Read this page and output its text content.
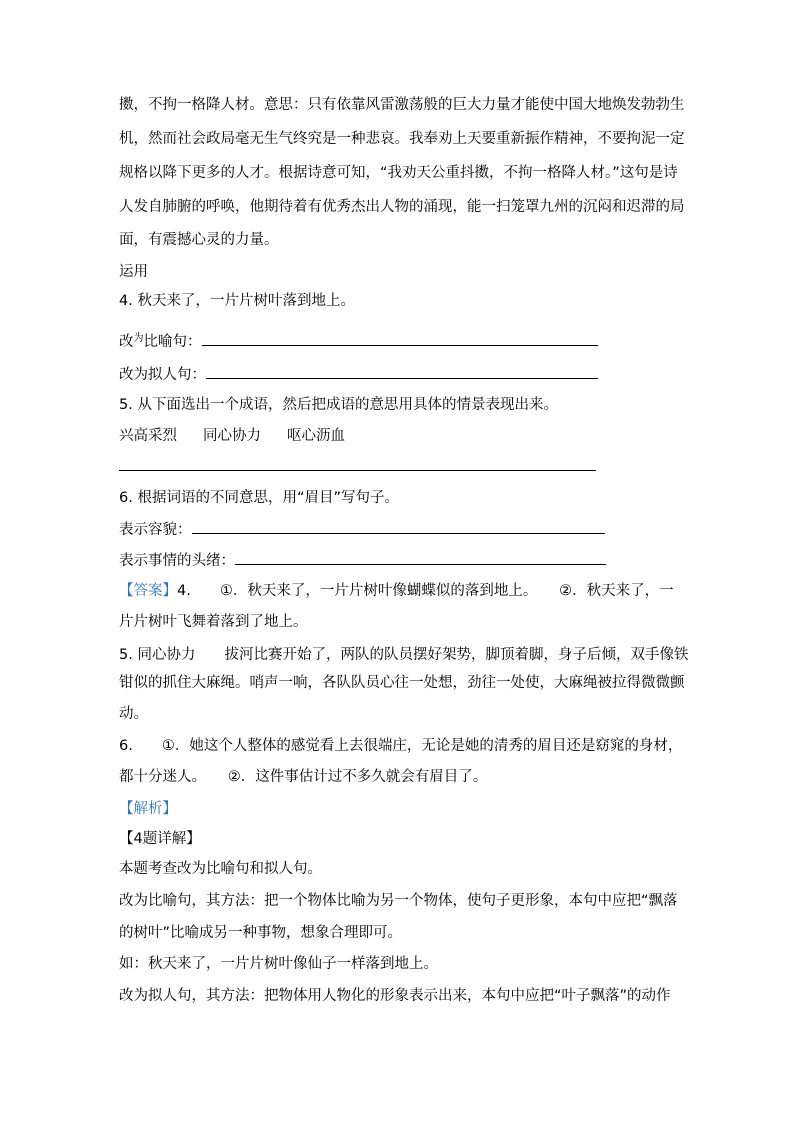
擞，不拘一格降人材。意思：只有依靠风雷激荡般的巨大力量才能使中国大地焕发勃勃生
机，然而社会政局毫无生气终究是一种悲哀。我奉劝上天要重新振作精神，不要拘泥一定
规格以降下更多的人才。根据诗意可知，“我劝天公重抖擞，不拘一格降人材。”这句是诗
人发自肺腑的呼唤，他期待着有优秀杰出人物的涌现，能一扫笼罩九州的沉闷和迟滞的局
面，有震撼心灵的力量。
运用
4. 秋天来了，一片片树叶落到地上。
改$^为$比喻句：
改为拟人句：
5. 从下面选出一个成语，然后把成语的意思用具体的情景表现出来。
兴高采烈 同心协力 呕心沥血
6. 根据词语的不同意思，用“眉目”写句子。
表示容貌：
表示事情的头绪：
【答案】4.　　①．秋天来了，一片片树叶像蝴蝶似的落到地上。　　②．秋天来了，一
片片树叶飞舞着落到了地上。
5. 同心协力　　拔河比赛开始了，两队的队员摆好架势，脚顶着脚，身子后倾，双手像铁
钳似的抓住大麻绳。哨声一响，各队队员心往一处想，劲往一处使，大麻绳被拉得微微颤
动。
6.　　①．她这个人整体的感觉看上去很端庄，无论是她的清秀的眉目还是窈窕的身材，
都十分迷人。　　②．这件事估计过不多久就会有眉目了。
【解析】
【4题详解】
本题考查改为比喻句和拟人句。
改为比喻句，其方法：把一个物体比喻为另一个物体，使句子更形象，本句中应把“飘落
的树叶”比喻成另一种事物，想象合理即可。
如：秋天来了，一片片树叶像仙子一样落到地上。
改为拟人句，其方法：把物体用人物化的形象表示出来，本句中应把“叶子飘落”的动作
